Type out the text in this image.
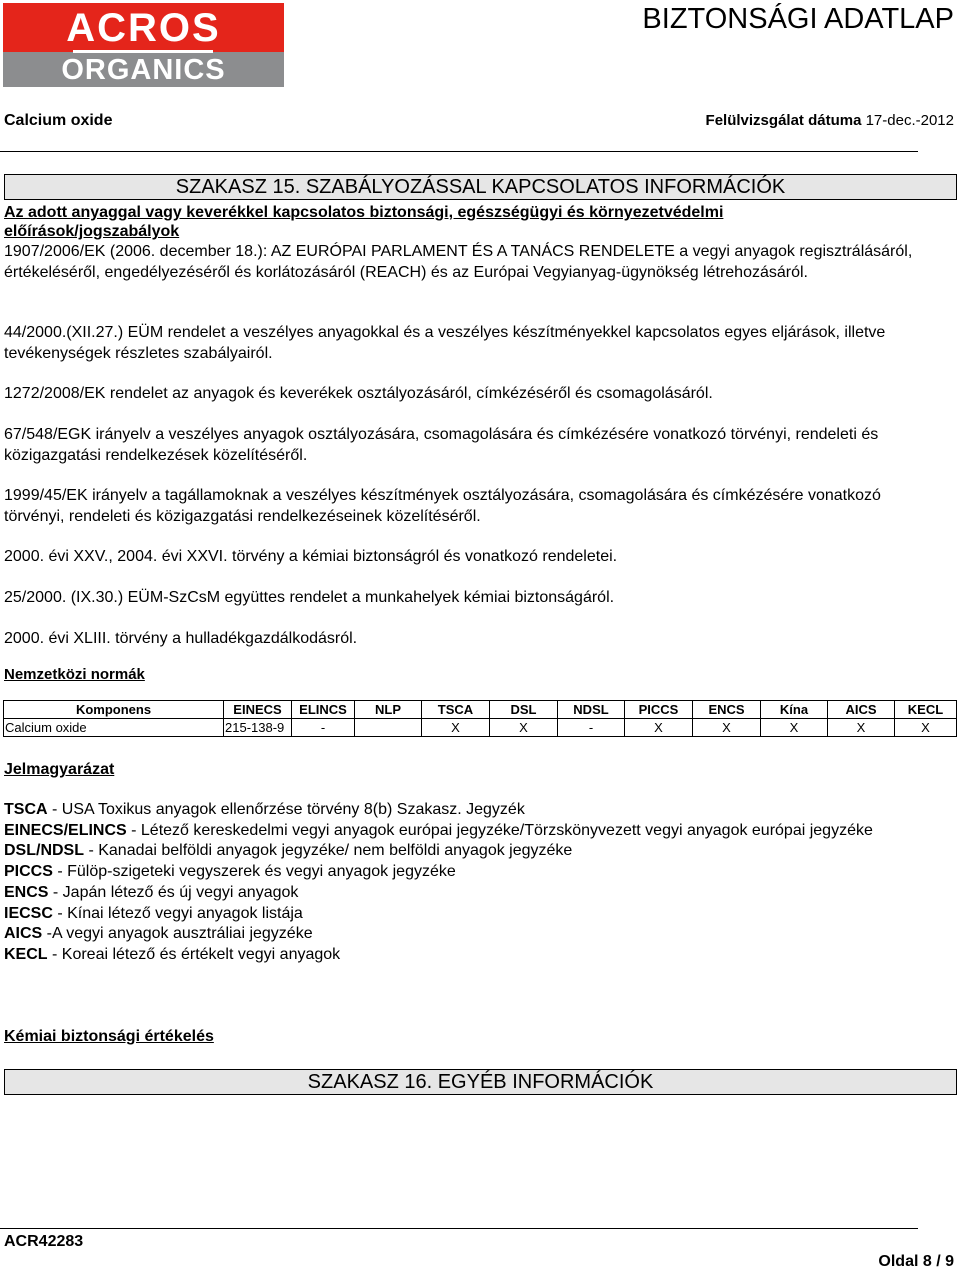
ACROS
ORGANICS
BIZTONSÁGI ADATLAP
Calcium oxide	Felülvizsgálat dátuma 17-dec.-2012
SZAKASZ 15. SZABÁLYOZÁSSAL KAPCSOLATOS INFORMÁCIÓK
Az adott anyaggal vagy keverékkel kapcsolatos biztonsági, egészségügyi és környezetvédelmi előírások/jogszabályok
1907/2006/EK (2006. december 18.): AZ EURÓPAI PARLAMENT ÉS A TANÁCS RENDELETE a vegyi anyagok regisztrálásáról, értékeléséről, engedélyezéséről és korlátozásáról (REACH) és az Európai Vegyianyag-ügynökség létrehozásáról.
44/2000.(XII.27.) EÜM rendelet a veszélyes anyagokkal és a veszélyes készítményekkel kapcsolatos egyes eljárások, illetve tevékenységek részletes szabályairól.
1272/2008/EK rendelet az anyagok és keverékek osztályozásáról, címkézéséről és csomagolásáról.
67/548/EGK irányelv a veszélyes anyagok osztályozására, csomagolására és címkézésére vonatkozó törvényi, rendeleti és közigazgatási rendelkezések közelítéséről.
1999/45/EK irányelv a tagállamoknak a veszélyes készítmények osztályozására, csomagolására és címkézésére vonatkozó törvényi, rendeleti és közigazgatási rendelkezéseinek közelítéséről.
2000. évi XXV., 2004. évi XXVI. törvény a kémiai biztonságról és vonatkozó rendeletei.
25/2000. (IX.30.) EÜM-SzCsM együttes rendelet a munkahelyek kémiai biztonságáról.
2000. évi XLIII. törvény a hulladékgazdálkodásról.
Nemzetközi normák
Komponens	EINECS	ELINCS	NLP	TSCA	DSL	NDSL	PICCS	ENCS	Kína	AICS	KECL
Calcium oxide	215-138-9	-		X	X	-	X	X	X	X	X
Jelmagyarázat
TSCA - USA Toxikus anyagok ellenőrzése törvény 8(b) Szakasz. Jegyzék
EINECS/ELINCS - Létező kereskedelmi vegyi anyagok európai jegyzéke/Törzskönyvezett vegyi anyagok európai jegyzéke
DSL/NDSL - Kanadai belföldi anyagok jegyzéke/ nem belföldi anyagok jegyzéke
PICCS - Fülöp-szigeteki vegyszerek és vegyi anyagok jegyzéke
ENCS - Japán létező és új vegyi anyagok
IECSC - Kínai létező vegyi anyagok listája
AICS -A vegyi anyagok ausztráliai jegyzéke
KECL - Koreai létező és értékelt vegyi anyagok
Kémiai biztonsági értékelés
SZAKASZ 16. EGYÉB INFORMÁCIÓK
ACR42283
Oldal 8 / 9
